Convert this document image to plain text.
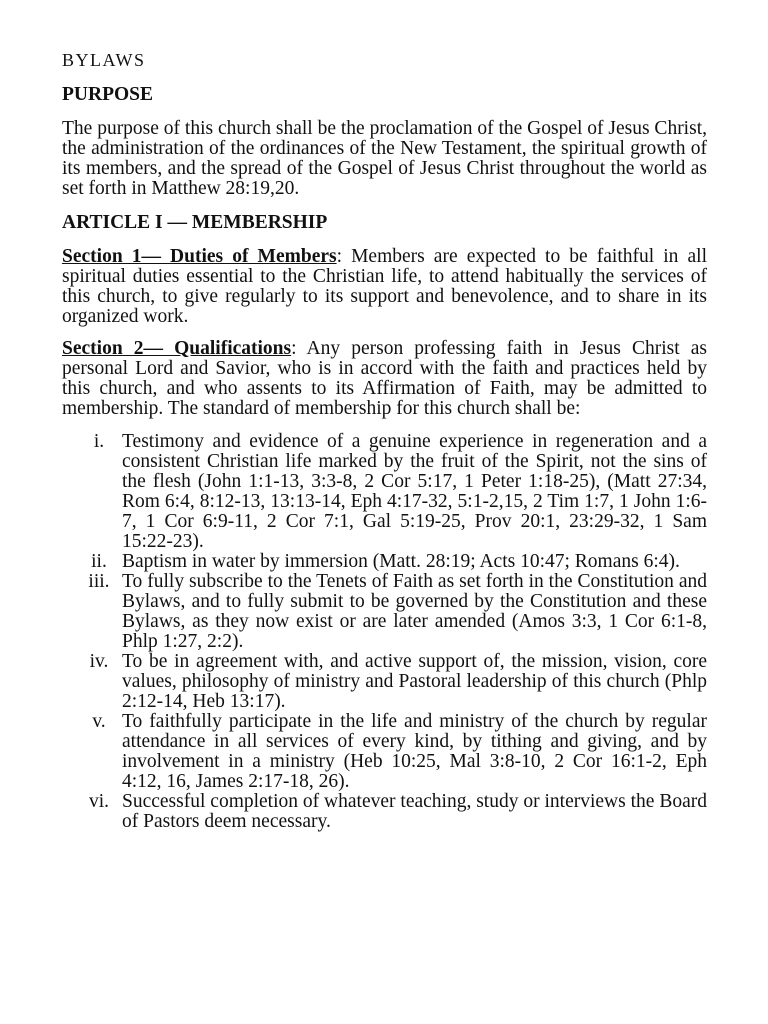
BYLAWS
PURPOSE

The purpose of this church shall be the proclamation of the Gospel of Jesus Christ, the administration of the ordinances of the New Testament, the spiritual growth of its members, and the spread of the Gospel of Jesus Christ throughout the world as set forth in Matthew 28:19,20.

ARTICLE I — MEMBERSHIP

Section 1— Duties of Members: Members are expected to be faithful in all spiritual duties essential to the Christian life, to attend habitually the services of this church, to give regularly to its support and benevolence, and to share in its organized work.

Section 2— Qualifications: Any person professing faith in Jesus Christ as personal Lord and Savior, who is in accord with the faith and practices held by this church, and who assents to its Affirmation of Faith, may be admitted to membership. The standard of membership for this church shall be:

i. Testimony and evidence of a genuine experience in regeneration and a consistent Christian life marked by the fruit of the Spirit, not the sins of the flesh (John 1:1-13, 3:3-8, 2 Cor 5:17, 1 Peter 1:18-25), (Matt 27:34, Rom 6:4, 8:12-13, 13:13-14, Eph 4:17-32, 5:1-2,15, 2 Tim 1:7, 1 John 1:6-7, 1 Cor 6:9-11, 2 Cor 7:1, Gal 5:19-25, Prov 20:1, 23:29-32, 1 Sam 15:22-23).
ii. Baptism in water by immersion (Matt. 28:19; Acts 10:47; Romans 6:4).
iii. To fully subscribe to the Tenets of Faith as set forth in the Constitution and Bylaws, and to fully submit to be governed by the Constitution and these Bylaws, as they now exist or are later amended (Amos 3:3, 1 Cor 6:1-8, Phlp 1:27, 2:2).
iv. To be in agreement with, and active support of, the mission, vision, core values, philosophy of ministry and Pastoral leadership of this church (Phlp 2:12-14, Heb 13:17).
v. To faithfully participate in the life and ministry of the church by regular attendance in all services of every kind, by tithing and giving, and by involvement in a ministry (Heb 10:25, Mal 3:8-10, 2 Cor 16:1-2, Eph 4:12, 16, James 2:17-18, 26).
vi. Successful completion of whatever teaching, study or interviews the Board of Pastors deem necessary.
